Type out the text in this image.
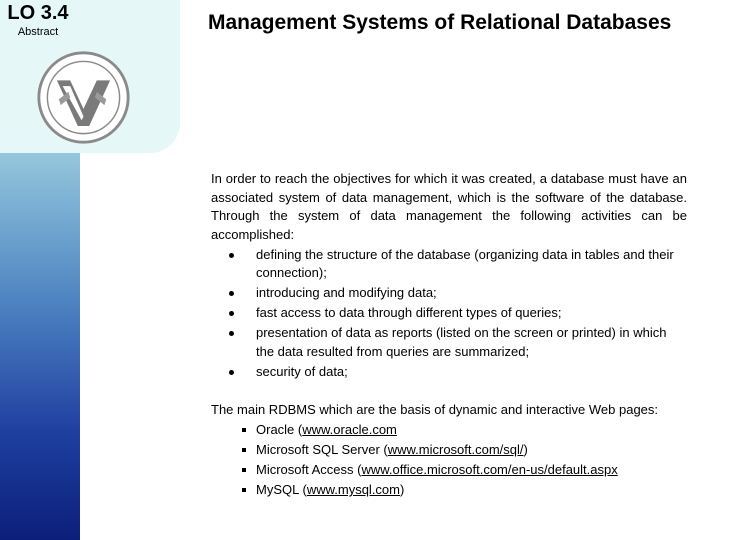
LO 3.4
Abstract	Management Systems of Relational Databases

In order to reach the objectives for which it was created, a database must have an associated system of data management, which is the software of the database. Through the system of data management the following activities can be accomplished:

defining the structure of the database (organizing data in tables and their connection);
introducing and modifying data;
fast access to data through different types of queries;
presentation of data as reports (listed on the screen or printed) in which the data resulted from queries are summarized;
security of data;

The main RDBMS which are the basis of dynamic and interactive Web pages:

Oracle (www.oracle.com
Microsoft SQL Server (www.microsoft.com/sql/)
Microsoft Access (www.office.microsoft.com/en-us/default.aspx
MySQL (www.mysql.com)
